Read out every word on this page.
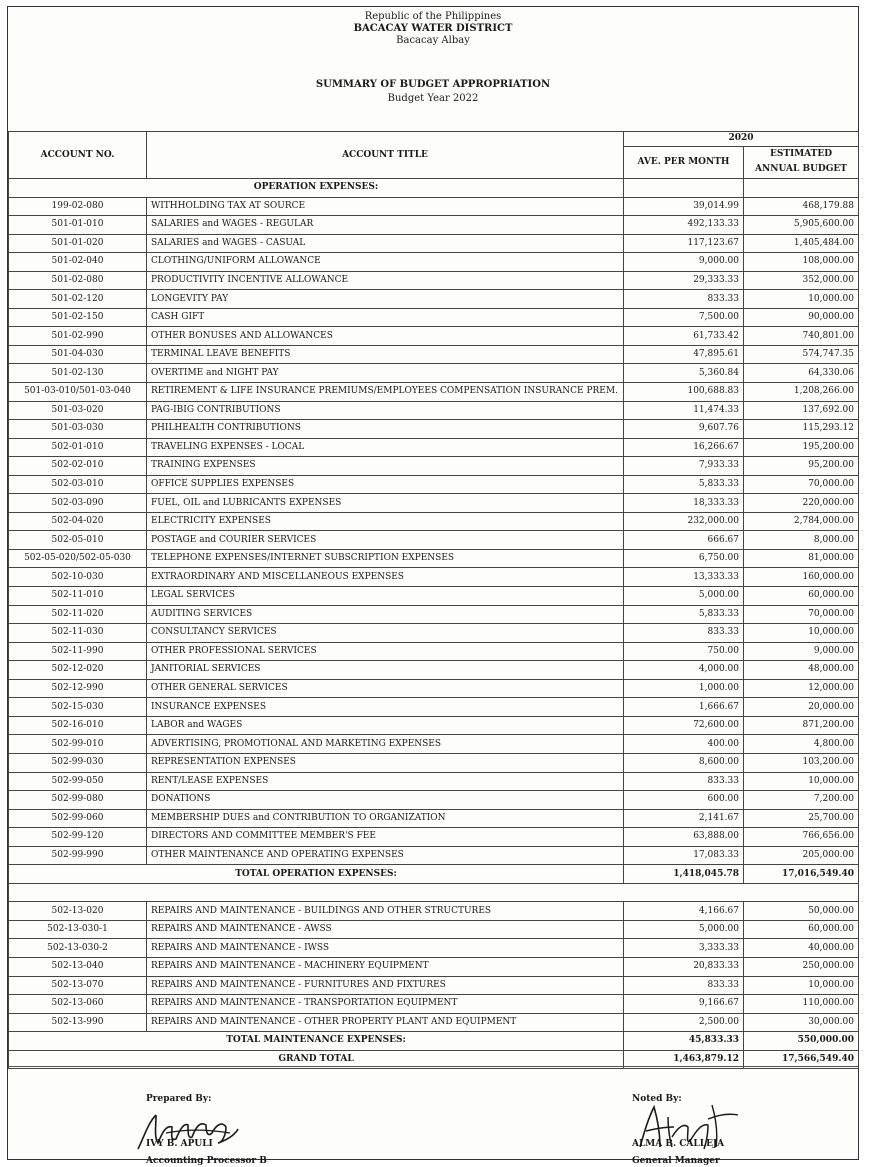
Republic of the Philippines
BACACAY WATER DISTRICT
Bacacay Albay
SUMMARY OF BUDGET APPROPRIATION
Budget Year 2022
ACCOUNT NO.	ACCOUNT TITLE	2020	
		AVE. PER MONTH	ESTIMATED
ANNUAL BUDGET

OPERATION EXPENSES:			
199-02-080	WITHHOLDING TAX AT SOURCE	39,014.99	468,179.88
501-01-010	SALARIES and WAGES - REGULAR	492,133.33	5,905,600.00
501-01-020	SALARIES and WAGES - CASUAL	117,123.67	1,405,484.00
501-02-040	CLOTHING/UNIFORM ALLOWANCE	9,000.00	108,000.00
501-02-080	PRODUCTIVITY INCENTIVE ALLOWANCE	29,333.33	352,000.00
501-02-120	LONGEVITY PAY	833.33	10,000.00
501-02-150	CASH GIFT	7,500.00	90,000.00
501-02-990	OTHER BONUSES AND ALLOWANCES	61,733.42	740,801.00
501-04-030	TERMINAL LEAVE BENEFITS	47,895.61	574,747.35
501-02-130	OVERTIME and NIGHT PAY	5,360.84	64,330.06
501-03-010/501-03-040	RETIREMENT & LIFE INSURANCE PREMIUMS/EMPLOYEES COMPENSATION INSURANCE PREM.	100,688.83	1,208,266.00
501-03-020	PAG-IBIG CONTRIBUTIONS	11,474.33	137,692.00
501-03-030	PHILHEALTH CONTRIBUTIONS	9,607.76	115,293.12
502-01-010	TRAVELING EXPENSES - LOCAL	16,266.67	195,200.00
502-02-010	TRAINING EXPENSES	7,933.33	95,200.00
502-03-010	OFFICE SUPPLIES EXPENSES	5,833.33	70,000.00
502-03-090	FUEL, OIL and LUBRICANTS EXPENSES	18,333.33	220,000.00
502-04-020	ELECTRICITY EXPENSES	232,000.00	2,784,000.00
502-05-010	POSTAGE and COURIER SERVICES	666.67	8,000.00
502-05-020/502-05-030	TELEPHONE EXPENSES/INTERNET SUBSCRIPTION EXPENSES	6,750.00	81,000.00
502-10-030	EXTRAORDINARY AND MISCELLANEOUS EXPENSES	13,333.33	160,000.00
502-11-010	LEGAL SERVICES	5,000.00	60,000.00
502-11-020	AUDITING SERVICES	5,833.33	70,000.00
502-11-030	CONSULTANCY SERVICES	833.33	10,000.00
502-11-990	OTHER PROFESSIONAL SERVICES	750.00	9,000.00
502-12-020	JANITORIAL SERVICES	4,000.00	48,000.00
502-12-990	OTHER GENERAL SERVICES	1,000.00	12,000.00
502-15-030	INSURANCE EXPENSES	1,666.67	20,000.00
502-16-010	LABOR and WAGES	72,600.00	871,200.00
502-99-010	ADVERTISING, PROMOTIONAL AND MARKETING EXPENSES	400.00	4,800.00
502-99-030	REPRESENTATION EXPENSES	8,600.00	103,200.00
502-99-050	RENT/LEASE EXPENSES	833.33	10,000.00
502-99-080	DONATIONS	600.00	7,200.00
502-99-060	MEMBERSHIP DUES and CONTRIBUTION TO ORGANIZATION	2,141.67	25,700.00
502-99-120	DIRECTORS AND COMMITTEE MEMBER'S FEE	63,888.00	766,656.00
502-99-990	OTHER MAINTENANCE AND OPERATING EXPENSES	17,083.33	205,000.00
TOTAL OPERATION EXPENSES:		1,418,045.78	17,016,549.40

502-13-020	REPAIRS AND MAINTENANCE - BUILDINGS AND OTHER STRUCTURES	4,166.67	50,000.00
502-13-030-1	REPAIRS AND MAINTENANCE - AWSS	5,000.00	60,000.00
502-13-030-2	REPAIRS AND MAINTENANCE - IWSS	3,333.33	40,000.00
502-13-040	REPAIRS AND MAINTENANCE - MACHINERY EQUIPMENT	20,833.33	250,000.00
502-13-070	REPAIRS AND MAINTENANCE - FURNITURES AND FIXTURES	833.33	10,000.00
502-13-060	REPAIRS AND MAINTENANCE - TRANSPORTATION EQUIPMENT	9,166.67	110,000.00
502-13-990	REPAIRS AND MAINTENANCE - OTHER PROPERTY PLANT AND EQUIPMENT	2,500.00	30,000.00
TOTAL MAINTENANCE EXPENSES:		45,833.33	550,000.00
GRAND TOTAL		1,463,879.12	17,566,549.40
Prepared By:
IVY B. APULI
Accounting Processor B
Noted By:
ALMA B. CALLEJA
General Manager
